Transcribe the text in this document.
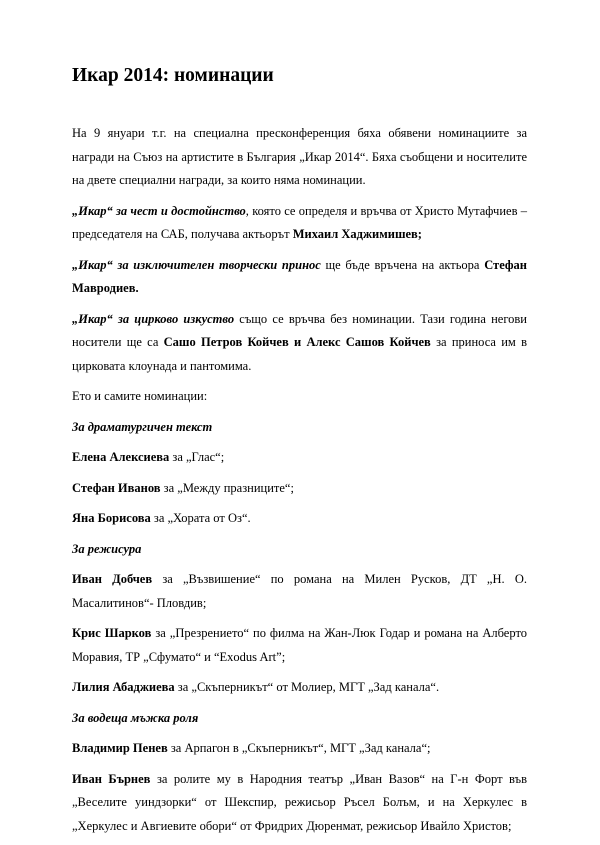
Икар 2014: номинации

На 9 януари т.г. на специална пресконференция бяха обявени номинациите за награди на Съюз на артистите в България „Икар 2014“. Бяха съобщени и носителите на двете специални награди, за които няма номинации.

„Икар“ за чест и достойнство, която се определя и връчва от Христо Мутафчиев – председателя на САБ, получава актьорът Михаил Хаджимишев;

„Икар“ за изключителен творчески принос ще бъде връчена на актьора Стефан Мавродиев.

„Икар“ за цирково изкуство също се връчва без номинации. Тази година негови носители ще са Сашо Петров Койчев и Алекс Сашов Койчев за приноса им в цирковата клоунада и пантомима.

Ето и самите номинации:

За драматургичен текст

Елена Алексиева за „Глас“;

Стефан Иванов за „Между празниците“;

Яна Борисова за „Хората от Оз“.

За режисура

Иван Добчев за „Възвишение“ по романа на Милен Русков, ДТ „Н. О. Масалитинов“- Пловдив;

Крис Шарков за „Презрението“ по филма на Жан-Люк Годар и романа на Алберто Моравия, ТР „Сфумато“ и “Exodus Art”;

Лилия Абаджиева за „Скъперникът“ от Молиер, МГТ „Зад канала“.

За водеща мъжка роля

Владимир Пенев за Арпагон в „Скъперникът“, МГТ „Зад канала“;

Иван Бърнев за ролите му в Народния театър „Иван Вазов“ на Г-н Форт във „Веселите уиндзорки“ от Шекспир, режисьор Ръсел Болъм, и на Херкулес в „Херкулес и Авгиевите обори“ от Фридрих Дюренмат, режисьор Ивайло Христов;
